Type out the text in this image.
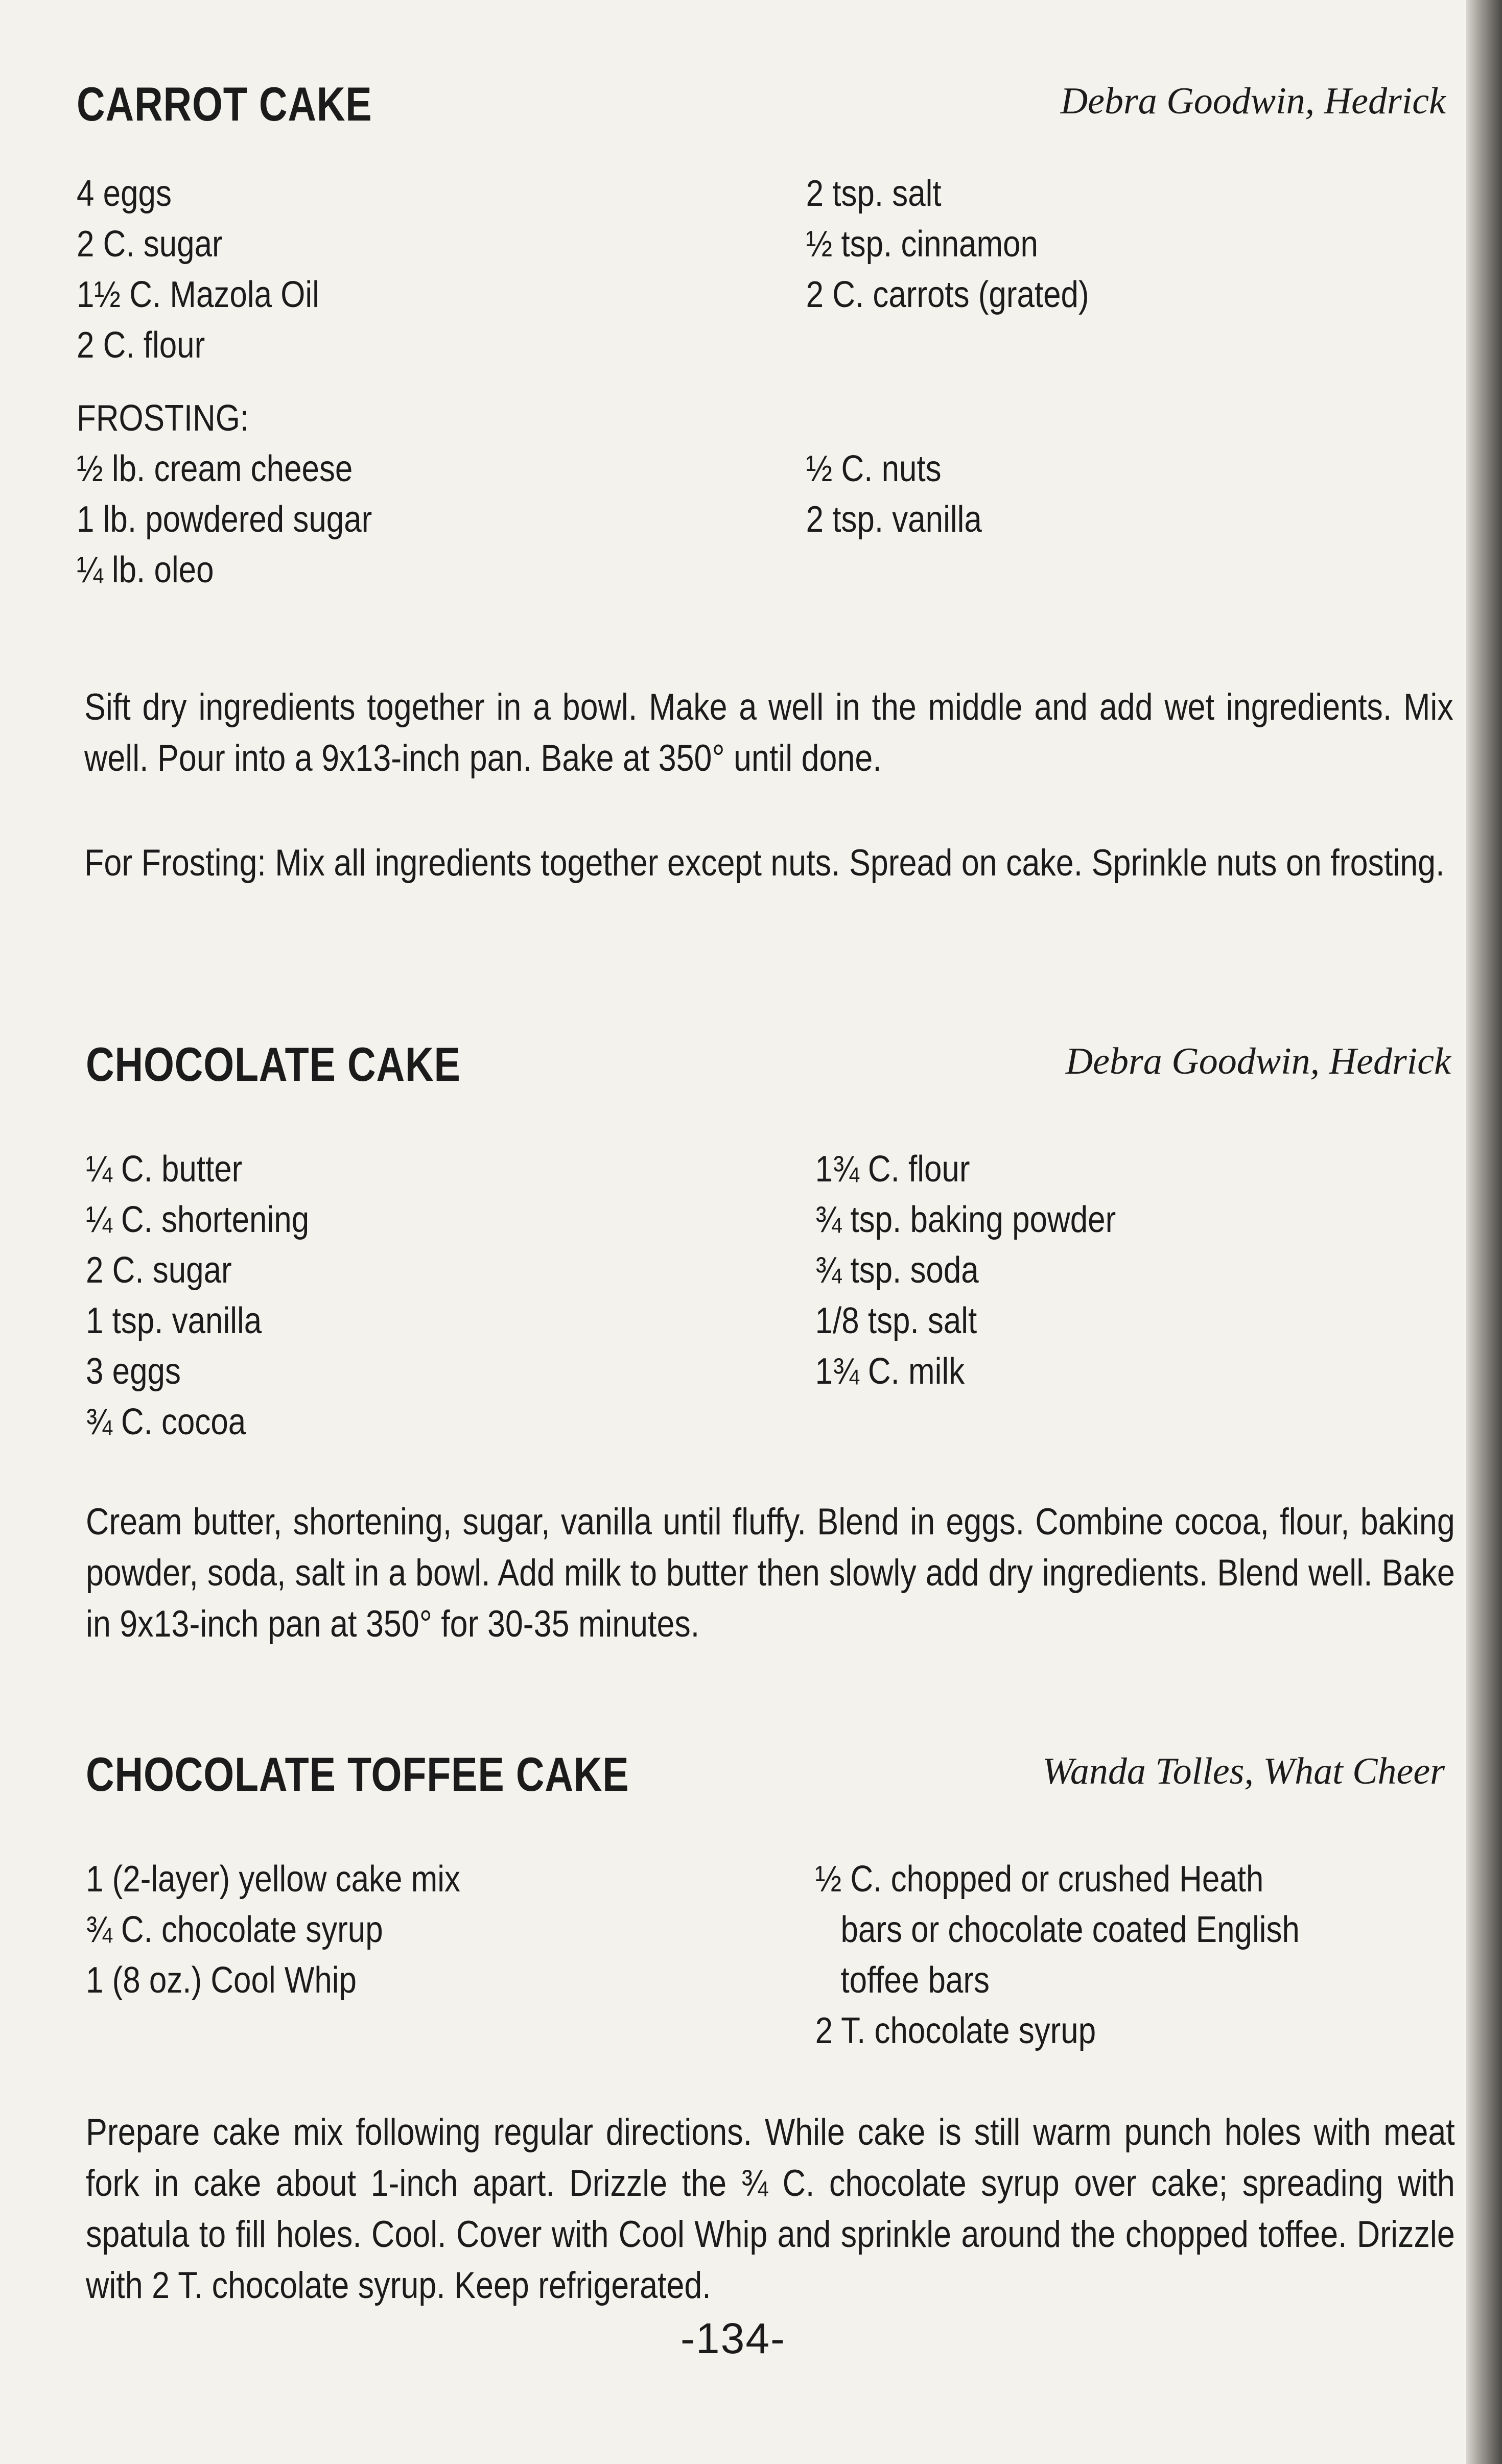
CARROT CAKE	Debra Goodwin, Hedrick
4 eggs
2 C. sugar
1½ C. Mazola Oil
2 C. flour
2 tsp. salt
½ tsp. cinnamon
2 C. carrots (grated)
FROSTING:
½ lb. cream cheese
1 lb. powdered sugar
¼ lb. oleo
½ C. nuts
2 tsp. vanilla
Sift dry ingredients together in a bowl. Make a well in the middle and add wet ingredients. Mix well. Pour into a 9x13-inch pan. Bake at 350° until done.
For Frosting: Mix all ingredients together except nuts. Spread on cake. Sprinkle nuts on frosting.
CHOCOLATE CAKE	Debra Goodwin, Hedrick
¼ C. butter
¼ C. shortening
2 C. sugar
1 tsp. vanilla
3 eggs
¾ C. cocoa
1¾ C. flour
¾ tsp. baking powder
¾ tsp. soda
1/8 tsp. salt
1¾ C. milk
Cream butter, shortening, sugar, vanilla until fluffy. Blend in eggs. Combine cocoa, flour, baking powder, soda, salt in a bowl. Add milk to butter then slowly add dry ingredients. Blend well. Bake in 9x13-inch pan at 350° for 30-35 minutes.
CHOCOLATE TOFFEE CAKE	Wanda Tolles, What Cheer
1 (2-layer) yellow cake mix
¾ C. chocolate syrup
1 (8 oz.) Cool Whip
½ C. chopped or crushed Heath
bars or chocolate coated English
toffee bars
2 T. chocolate syrup
Prepare cake mix following regular directions. While cake is still warm punch holes with meat fork in cake about 1-inch apart. Drizzle the ¾ C. chocolate syrup over cake; spreading with spatula to fill holes. Cool. Cover with Cool Whip and sprinkle around the chopped toffee. Drizzle with 2 T. chocolate syrup. Keep refrigerated.
-134-
